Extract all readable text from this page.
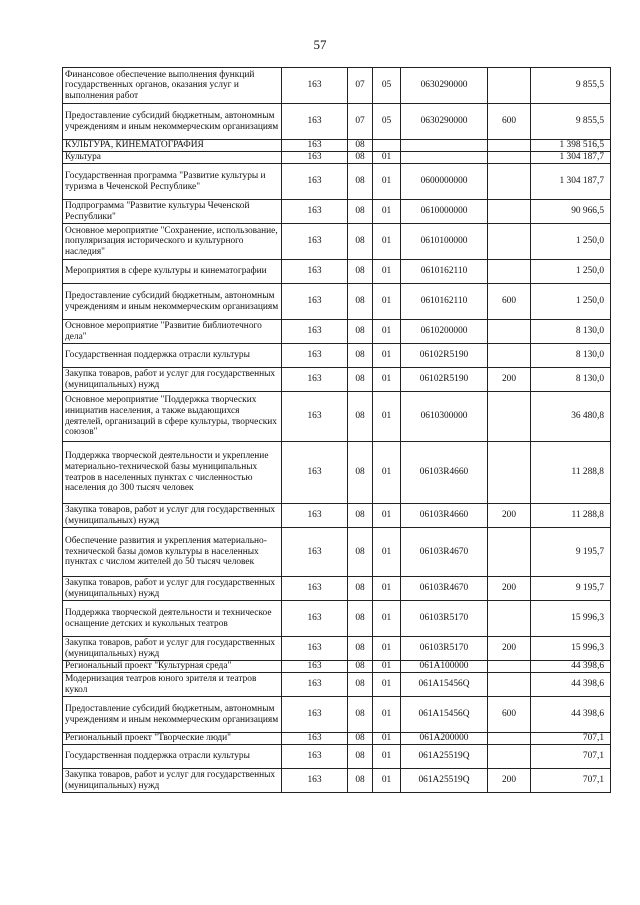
57
Финансовое обеспечение выполнения функций государственных органов, оказания услуг и выполнения работ	163	07	05	0630290000		9 855,5
Предоставление субсидий бюджетным, автономным учреждениям и иным некоммерческим организациям	163	07	05	0630290000	600	9 855,5
КУЛЬТУРА, КИНЕМАТОГРАФИЯ	163	08				1 398 516,5
Культура	163	08	01			1 304 187,7
Государственная программа "Развитие культуры и туризма в Чеченской Республике"	163	08	01	0600000000		1 304 187,7
Подпрограмма "Развитие культуры Чеченской Республики"	163	08	01	0610000000		90 966,5
Основное мероприятие "Сохранение, использование, популяризация исторического и культурного наследия"	163	08	01	0610100000		1 250,0
Мероприятия в сфере культуры и кинематографии	163	08	01	0610162110		1 250,0
Предоставление субсидий бюджетным, автономным учреждениям и иным некоммерческим организациям	163	08	01	0610162110	600	1 250,0
Основное мероприятие "Развитие библиотечного дела"	163	08	01	0610200000		8 130,0
Государственная поддержка отрасли культуры	163	08	01	06102R5190		8 130,0
Закупка товаров, работ и услуг для государственных (муниципальных) нужд	163	08	01	06102R5190	200	8 130,0
Основное мероприятие "Поддержка творческих инициатив населения, а также выдающихся деятелей, организаций в сфере культуры, творческих союзов"	163	08	01	0610300000		36 480,8
Поддержка творческой деятельности и укрепление материально-технической базы муниципальных театров в населенных пунктах с численностью населения до 300 тысяч человек	163	08	01	06103R4660		11 288,8
Закупка товаров, работ и услуг для государственных (муниципальных) нужд	163	08	01	06103R4660	200	11 288,8
Обеспечение развития и укрепления материально-технической базы домов культуры в населенных пунктах с числом жителей до 50 тысяч человек	163	08	01	06103R4670		9 195,7
Закупка товаров, работ и услуг для государственных (муниципальных) нужд	163	08	01	06103R4670	200	9 195,7
Поддержка творческой деятельности и техническое оснащение детских и кукольных театров	163	08	01	06103R5170		15 996,3
Закупка товаров, работ и услуг для государственных (муниципальных) нужд	163	08	01	06103R5170	200	15 996,3
Региональный проект "Культурная среда"	163	08	01	061A100000		44 398,6
Модернизация театров юного зрителя и театров кукол	163	08	01	061A15456Q		44 398,6
Предоставление субсидий бюджетным, автономным учреждениям и иным некоммерческим организациям	163	08	01	061A15456Q	600	44 398,6
Региональный проект "Творческие люди"	163	08	01	061A200000		707,1
Государственная поддержка отрасли культуры	163	08	01	061A25519Q		707,1
Закупка товаров, работ и услуг для государственных (муниципальных) нужд	163	08	01	061A25519Q	200	707,1
